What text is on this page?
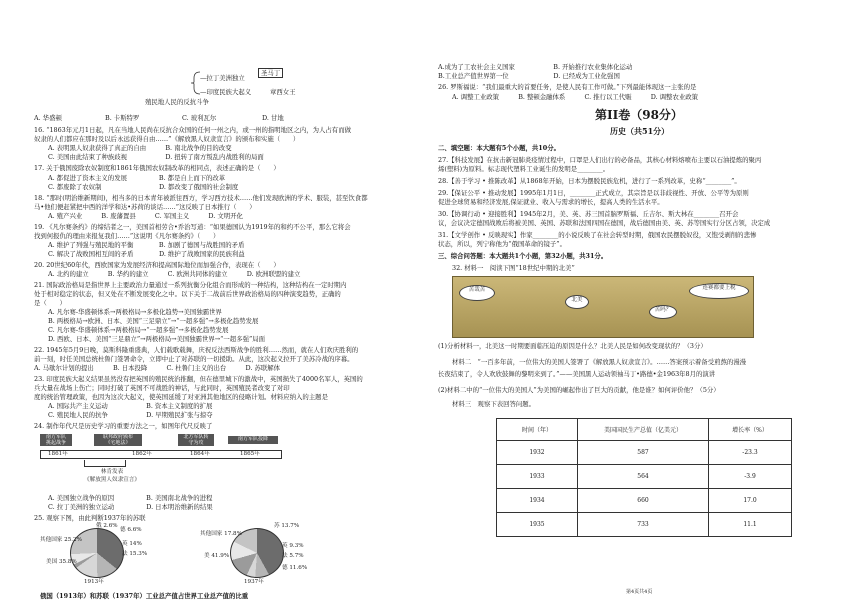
—拉丁美洲独立
圣马丁
殖民地人民的反抗斗争
—印度民族大起义	章西女王
A. 华盛顿	B. 卡斯特罗	C. 玻利瓦尔	D. 甘地
16. “1863年元月1日起，凡在当地人民尚在反抗合众国的任何一州之内，或一州的指明地区之内，为人占有而做
奴隶的人们都应在那时及以后永远获得自由……”《解放黑人奴隶宣言》的颁布和实施（　　）
A. 表明黑人奴隶获得了真正的自由　　　B. 南北战争的目的改变
C. 美国由此结束了种族歧视　　　　　　D. 扭转了南方叛乱内战胜利的局面
17. 关于俄国废除农奴制度和1861年俄国农奴制改革的相同点，表述正确的是（　　）
A. 都促进了资本主义的发展　　　　　B. 都是自上而下的改革
C. 都废除了农奴制　　　　　　　　　D. 都改变了俄国的社会制度
18. “那时(明治维新期间)，相当多的日本青年被派往西方，学习西方技术……他们发现欧洲的学术、服装，甚至饮食都
马•他们便赶紧把中西的洋学和达•苏荷的谈话……”这反映了日本推行（　　）
A. 殖产兴业　　　B. 废藩置县　　　C. 军国主义　　　D. 文明开化
19. 《凡尔赛条约》的缔结者之一，美国首相劳合•乔治写道：“如果德国认为1919年的和约不公平，那么它将会
找到何报仇的理由来报复我们……”这说明《凡尔赛条约》（　　）
A. 维护了列强与殖民地的平衡　　　　B. 加剧了德国与战胜国的矛盾
C. 解决了战败国相互间的矛盾　　　　D. 维护了战败国家的民族利益
20. 20世纪60年代，西欧国家为发展经济和提高国际地位而加强合作，表现在（　　）
A. 北约的建立　　　B. 华约的建立　　　C. 欧洲共同体的建立　　　D. 欧洲联盟的建立
21. 国际政治格局是指世界上主要政治力量通过一系列抗衡分化组合而形成的一种结构，这种结构在一定时期内
处于相对稳定的状态，但又处在不断发展变化之中。以下关于二战前后世界政治格局的四种演变趋势，正确的
是（　　）
A. 凡尔赛-华盛顿体系→两极格局→多极化趋势→美国独霸世界
B. 两极格局→欧洲、日本、美国“三足鼎立”→“一超多强”→多极化趋势发展
C. 凡尔赛-华盛顿体系→两极格局→“一超多强”→多极化趋势发展
D. 西欧、日本、美国“三足鼎立”→两极格局→美国独霸世界→“一超多强”局面
22. 1945年5月9日晚，莫斯科隆重盛典，人们载歌载舞，庆祝反法西斯战争的胜利……然而，就在人们欢庆胜利的
前一刻，时任美国总统杜鲁门签署命令，立即中止了对苏联的一切援助。从此，这次起义拉开了美苏冷战的序幕。
A. 马歇尔计划的提出　　　B. 日本投降　　　C. 杜鲁门主义的出台　　　D. 苏联解体
23. 印度民族大起义结果虽然没有把英国的殖民统治推翻，但在德里城下的激战中，英国损失了4000名军人，英国的
兵大量在战场上伤亡；同时打破了英国不可战胜的神话，与此同时，英国殖民者改变了对印
度的统治管理政策，也因为这次大起义，使英国延缓了对亚洲其他地区的侵略计划。材料应纳入的主题是
A. 国际共产主义运动　　　　　　B. 资本主义制度的扩展
C. 殖民地人民的抗争　　　　　　D. 早期殖民扩张与掠夺
24. 制作年代尺是历史学习的重要方法之一，如图年代尺反映了
南方军队
挑起战争
联邦政府颁布
《宅地法》
北方军队转
守为攻
南方军队投降
1861年	1862年	1864年	1865年
林肯发表
《解放黑人奴隶宣言》
A. 美国独立战争的原因　　　　　B. 美国南北战争的进程
C. 拉丁美洲的独立运动　　　　　D. 日本明治维新的结果
25. 观察下图，由此判断1937年的苏联
俄 2.6%
德 6.6%
其他国家 25.2%
英 14%
法 15.3%
美国 35.8%
1913年
苏 13.7%
其他国家 17.8%
英 9.3%
法 5.7%
美 41.9%
德 11.6%
1937年
俄国（1913年）和苏联（1937年）工业总产值占世界工业总产值的比重
A.成为了工农社会主义国家　　　　　　B. 开始推行农业集体化运动
B.工业总产值世界第一位　　　　　　　D. 已经成为工业化强国
26. 罗斯福说：“我们最重大的首要任务，是使人民有工作可做。”下列最能体现这一主张的是
A. 调整工业政策　　　B. 整顿金融体系　　　C. 推行以工代赈　　　D. 调整农业政策
第II卷（98分）
历史（共51分）
二、填空题：本大题有5个小题，共10分。
27.【科技发展】在抗击新冠肺炎疫情过程中，口罩是人们出行的必备品，其核心材料熔喷布主要以石油提炼的聚丙
烯(塑料)为原料。标志现代塑料工业诞生的发明是________。
28.【善于学习 • 推陈改革】从1868年开始，日本为摆脱民族危机，进行了一系列改革，史称“________”。
29.【保证公平 • 推动发展】1995年1月1日，________正式成立，其宗旨是以非歧视性、开放、公平等为原则
促进全球贸易和经济发展,保证就业、收入与需求的增长，提高人类的生活水平。
30.【协调行动 • 迎接胜利】1945年2月，美、英、苏三国首脑罗斯福、丘吉尔、斯大林在________召开会
议，会议决定德国战败后将被美国、英国、苏联和法国四国在德国，战后德国由美、英、苏等国实行分区占领，决定成
31.【文学创作 • 反映现实】作家________的小说反映了在社会转型时期，俄国农民摆脱奴役，又饱受剥削的悲惨
状态，所以，列宁称他为“俄国革命的镜子”。
三、综合问答题：本大题共1个小题，第32小题，共31分。
32. 材料一　阅读下图“18世纪中期的北美”
苦哉苦
北美
连赛都要上税
苦吗？
(1)分析材料一，北美这一时期要面临压迫的原因是什么？北美人民是如何改变现状的？（3分）
材料二　“一百多年前，一位伟大的美国人签署了《解放黑人奴隶宣言》。……答案预示着备受煎熬的漫漫
长夜结束了，令人欢欣鼓舞的黎明来到了。”——美国黑人运动领袖马丁•路德•金1963年8月的演讲
(2)材料二中的“一位伟大的美国人”为美国的崛起作出了巨大的贡献，他是谁？如何评价他？（5分）
材料三　观察下表回答问题。
时间（年）	美国国民生产总值（亿美元）	增长率（%）
1932	587	-23.3
1933	564	-3.9
1934	660	17.0
1935	733	11.1
第4页共4页
